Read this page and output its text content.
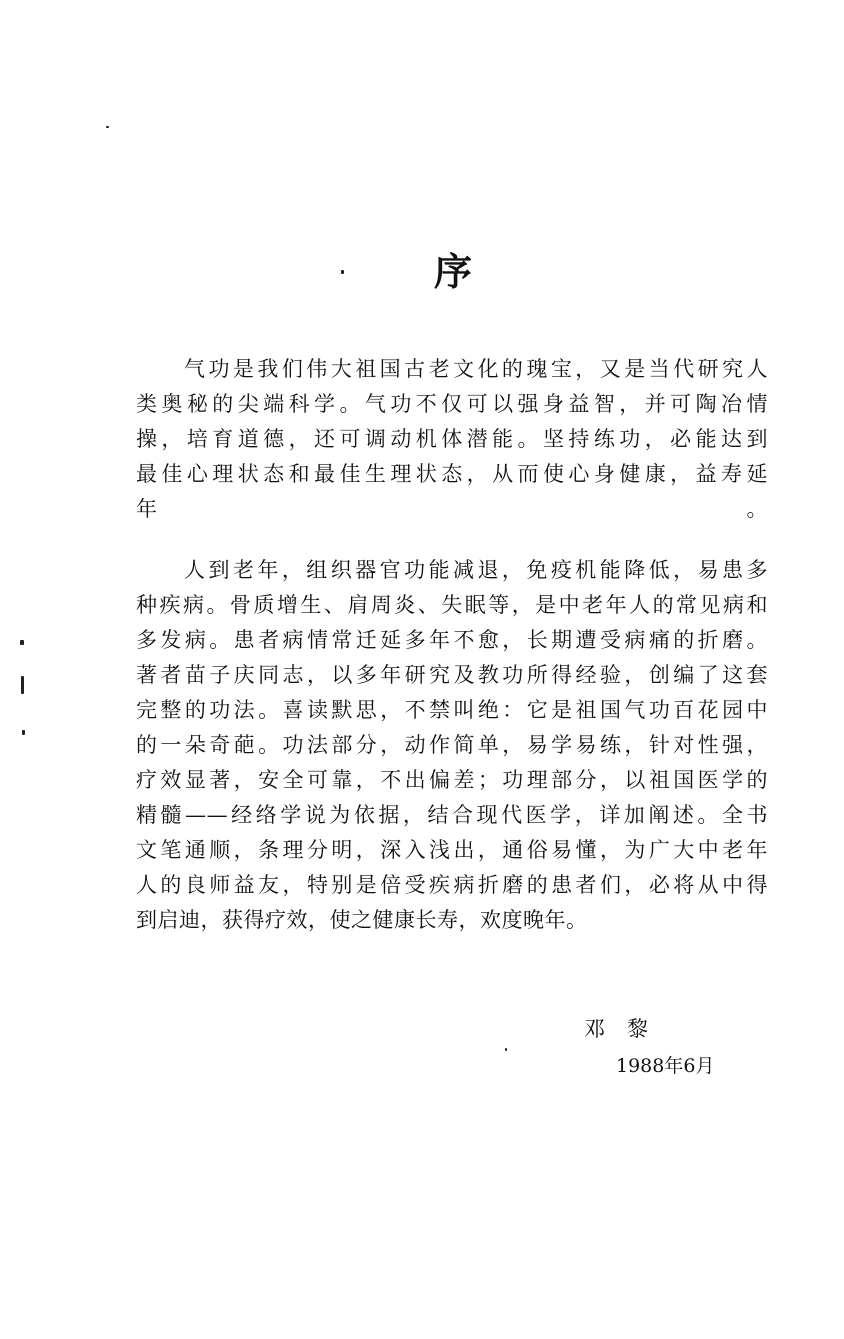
序
气功是我们伟大祖国古老文化的瑰宝，又是当代研究人
类奥秘的尖端科学。气功不仅可以强身益智，并可陶冶情
操，培育道德，还可调动机体潜能。坚持练功，必能达到
最佳心理状态和最佳生理状态，从而使心身健康，益寿延
年。
人到老年，组织器官功能减退，免疫机能降低，易患多
种疾病。骨质增生、肩周炎、失眠等，是中老年人的常见病和
多发病。患者病情常迁延多年不愈，长期遭受病痛的折磨。
著者苗子庆同志，以多年研究及教功所得经验，创编了这套
完整的功法。喜读默思，不禁叫绝：它是祖国气功百花园中
的一朵奇葩。功法部分，动作简单，易学易练，针对性强，
疗效显著，安全可靠，不出偏差；功理部分，以祖国医学的
精髓——经络学说为依据，结合现代医学，详加阐述。全书
文笔通顺，条理分明，深入浅出，通俗易懂，为广大中老年
人的良师益友，特别是倍受疾病折磨的患者们，必将从中得
到启迪，获得疗效，使之健康长寿，欢度晚年。
邓黎
1988年6月
